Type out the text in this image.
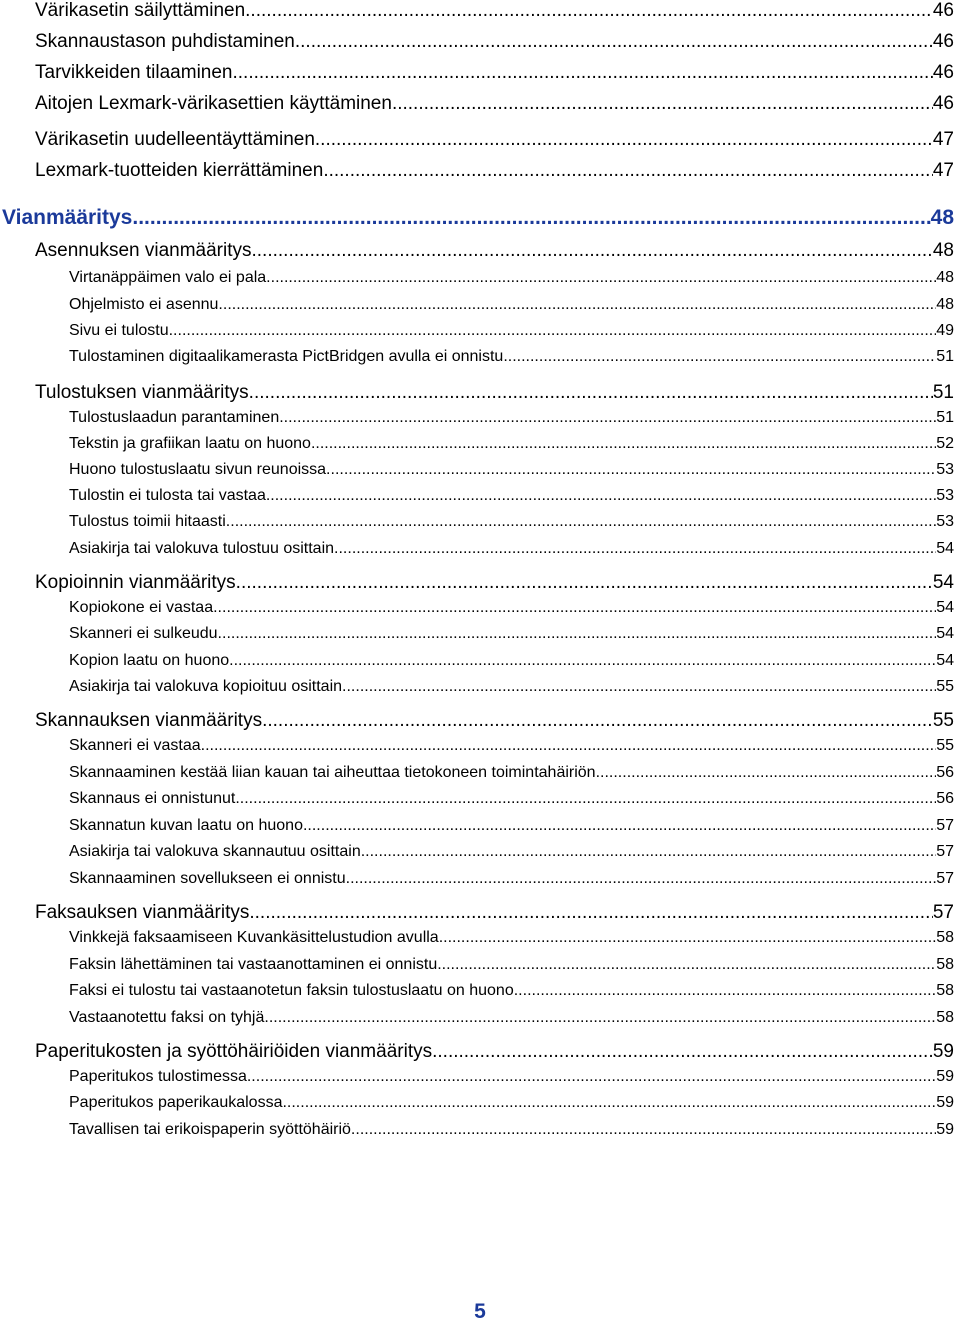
Värikasetin säilyttäminen .....	46
Skannaustason puhdistaminen .....	46
Tarvikkeiden tilaaminen .....	46
Aitojen Lexmark-värikasettien käyttäminen .....	46
Värikasetin uudelleentäyttäminen .....	47
Lexmark-tuotteiden kierrättäminen .....	47
Vianmääritys .....	48
Asennuksen vianmääritys .....	48
Virtanäppäimen valo ei pala .....	48
Ohjelmisto ei asennu .....	48
Sivu ei tulostu .....	49
Tulostaminen digitaalikamerasta PictBridgen avulla ei onnistu .....	51
Tulostuksen vianmääritys .....	51
Tulostuslaadun parantaminen .....	51
Tekstin ja grafiikan laatu on huono .....	52
Huono tulostuslaatu sivun reunoissa .....	53
Tulostin ei tulosta tai vastaa .....	53
Tulostus toimii hitaasti .....	53
Asiakirja tai valokuva tulostuu osittain .....	54
Kopioinnin vianmääritys .....	54
Kopiokone ei vastaa .....	54
Skanneri ei sulkeudu .....	54
Kopion laatu on huono .....	54
Asiakirja tai valokuva kopioituu osittain .....	55
Skannauksen vianmääritys .....	55
Skanneri ei vastaa .....	55
Skannaaminen kestää liian kauan tai aiheuttaa tietokoneen toimintahäiriön .....	56
Skannaus ei onnistunut .....	56
Skannatun kuvan laatu on huono .....	57
Asiakirja tai valokuva skannautuu osittain .....	57
Skannaaminen sovellukseen ei onnistu .....	57
Faksauksen vianmääritys .....	57
Vinkkejä faksaamiseen Kuvankäsittelustudion avulla .....	58
Faksin lähettäminen tai vastaanottaminen ei onnistu .....	58
Faksi ei tulostu tai vastaanotetun faksin tulostuslaatu on huono .....	58
Vastaanotettu faksi on tyhjä .....	58
Paperitukosten ja syöttöhäiriöiden vianmääritys .....	59
Paperitukos tulostimessa .....	59
Paperitukos paperikaukalossa .....	59
Tavallisen tai erikoispaperin syöttöhäiriö .....	59
5
